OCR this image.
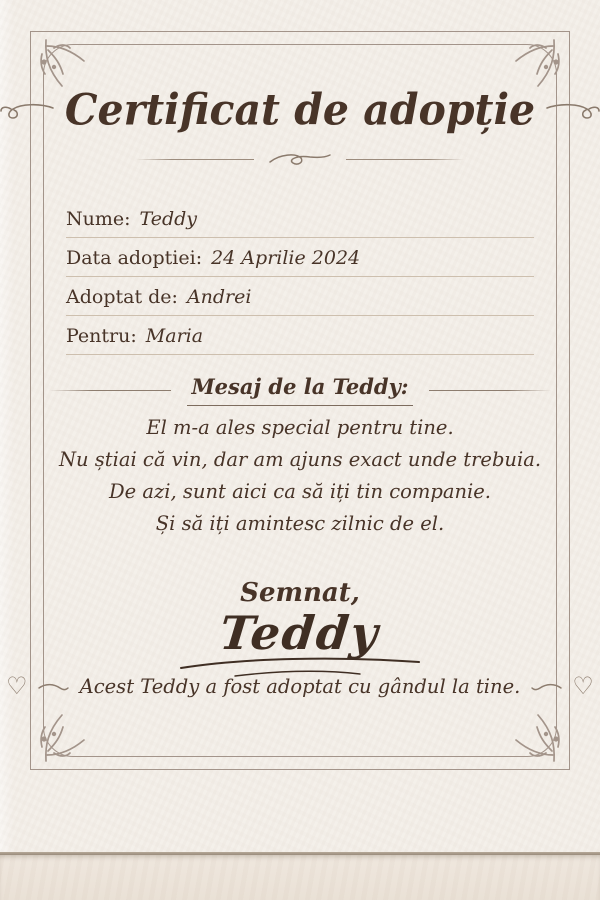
Certificat de adopție
Nume: Teddy
Data adoptiei: 24 Aprilie 2024
Adoptat de: Andrei
Pentru: Maria
Mesaj de la Teddy:

El m-a ales special pentru tine.

Nu știai că vin, dar am ajuns exact unde trebuia.

De azi, sunt aici ca să iți tin companie.

Și să iți amintesc zilnic de el.

Semnat,
Teddy
♡	Acest Teddy a fost adoptat cu gândul la tine. ♡
